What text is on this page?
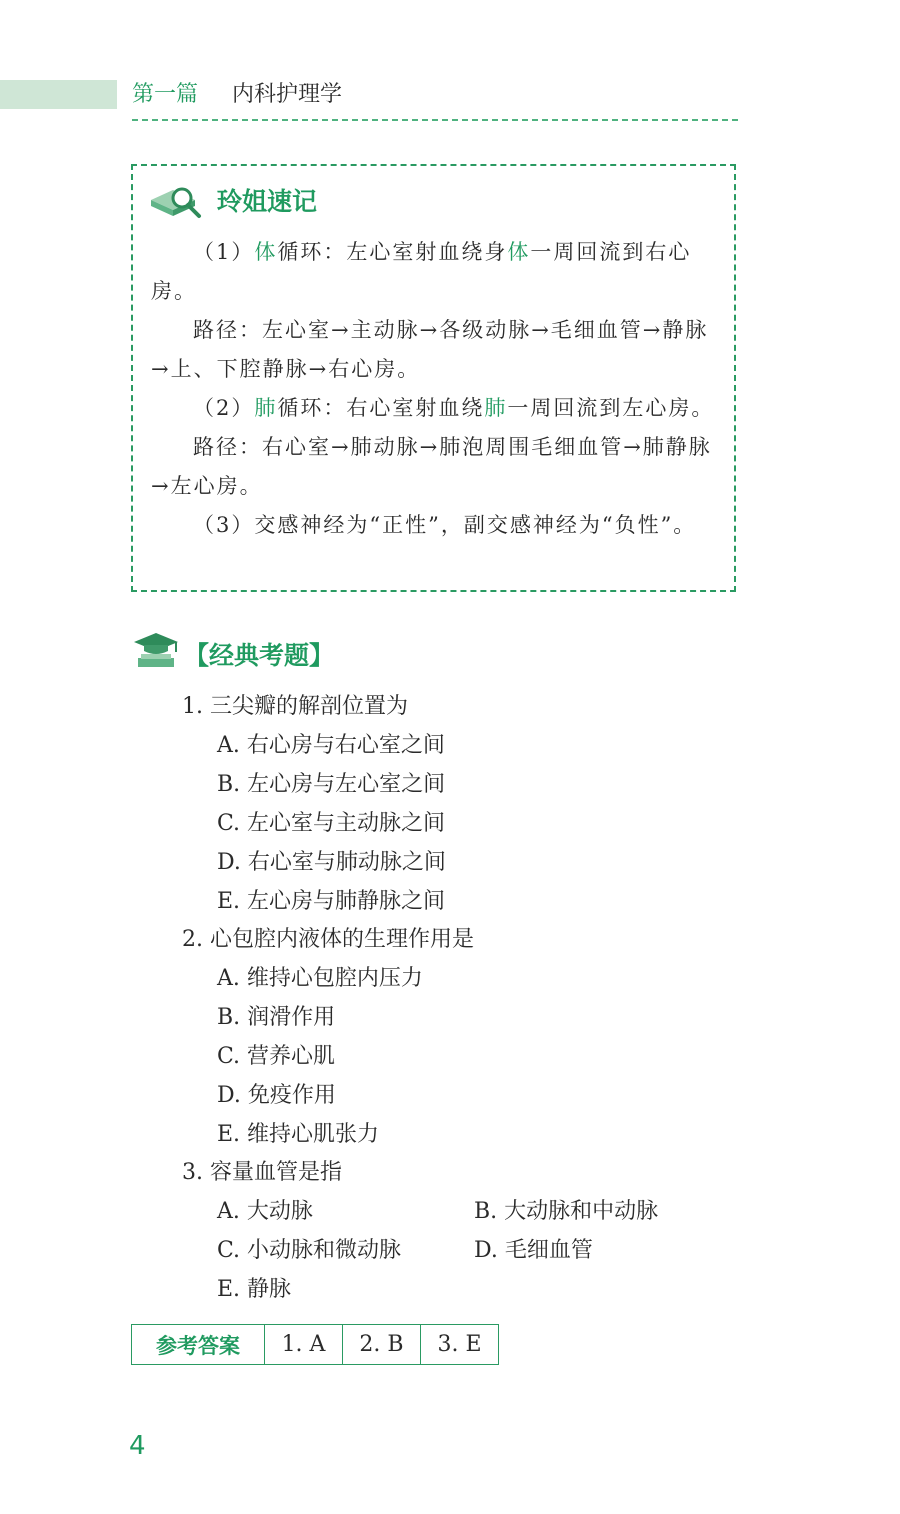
第一篇 内科护理学
玲姐速记

（1）体循环：左心室射血绕身体一周回流到右心房。

路径：左心室→主动脉→各级动脉→毛细血管→静脉→上、下腔静脉→右心房。

（2）肺循环：右心室射血绕肺一周回流到左心房。

路径：右心室→肺动脉→肺泡周围毛细血管→肺静脉→左心房。

（3）交感神经为“正性”，副交感神经为“负性”。

【经典考题】
1. 三尖瓣的解剖位置为
A. 右心房与右心室之间
B. 左心房与左心室之间
C. 左心室与主动脉之间
D. 右心室与肺动脉之间
E. 左心房与肺静脉之间
2. 心包腔内液体的生理作用是
A. 维持心包腔内压力
B. 润滑作用
C. 营养心肌
D. 免疫作用
E. 维持心肌张力
3. 容量血管是指
A. 大动脉	B. 大动脉和中动脉
C. 小动脉和微动脉	D. 毛细血管
E. 静脉
参考答案	1. A	2. B	3. E
4
